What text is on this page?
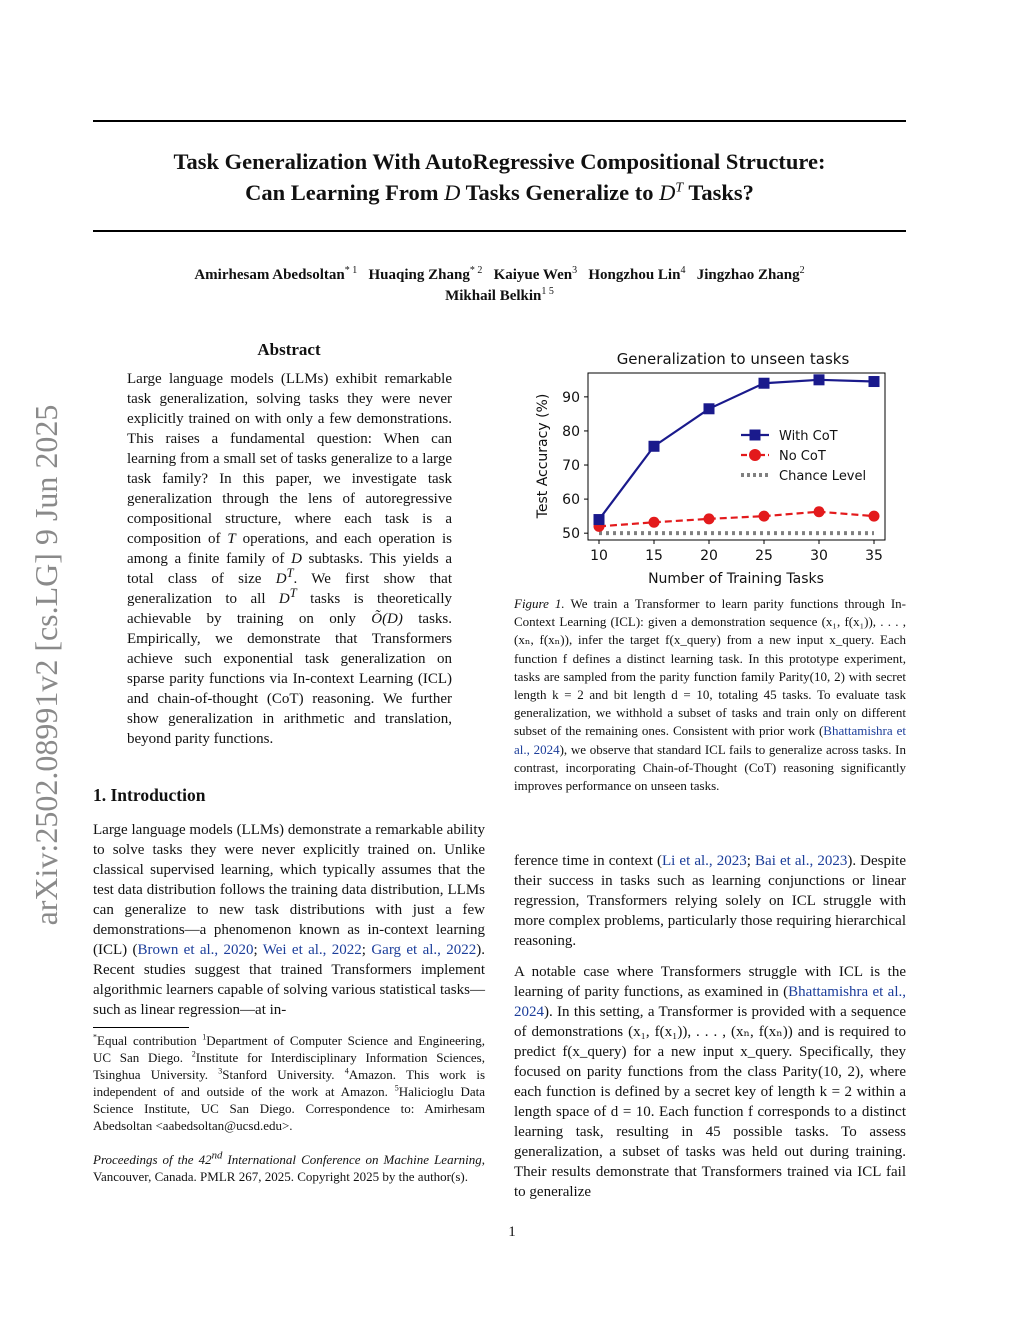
arXiv:2502.08991v2 [cs.LG] 9 Jun 2025
Task Generalization With AutoRegressive Compositional Structure:
Can Learning From D Tasks Generalize to $D^T$ Tasks?
Amirhesam Abedsoltan$^{* 1}$ Huaqing Zhang$^{* 2}$ Kaiyue Wen$^3$ Hongzhou Lin$^4$ Jingzhao Zhang$^2$
Mikhail Belkin$^{1 5}$
Abstract
Large language models (LLMs) exhibit remarkable task generalization, solving tasks they were never explicitly trained on with only a few demonstrations. This raises a fundamental question: When can learning from a small set of tasks generalize to a large task family? In this paper, we investigate task generalization through the lens of autoregressive compositional structure, where each task is a composition of T operations, and each operation is among a finite family of D subtasks. This yields a total class of size $D^T$. We first show that generalization to all $D^T$ tasks is theoretically achievable by training on only Õ(D) tasks. Empirically, we demonstrate that Transformers achieve such exponential task generalization on sparse parity functions via In-context Learning (ICL) and chain-of-thought (CoT) reasoning. We further show generalization in arithmetic and translation, beyond parity functions.
1. Introduction
Large language models (LLMs) demonstrate a remarkable ability to solve tasks they were never explicitly trained on. Unlike classical supervised learning, which typically assumes that the test data distribution follows the training data distribution, LLMs can generalize to new task distributions with just a few demonstrations—a phenomenon known as in-context learning (ICL) (Brown et al., 2020; Wei et al., 2022; Garg et al., 2022). Recent studies suggest that trained Transformers implement algorithmic learners capable of solving various statistical tasks—such as linear regression—at in-
*Equal contribution $^1$Department of Computer Science and Engineering, UC San Diego. $^2$Institute for Interdisciplinary Information Sciences, Tsinghua University. $^3$Stanford University. $^4$Amazon. This work is independent of and outside of the work at Amazon. $^5$Halicioglu Data Science Institute, UC San Diego. Correspondence to: Amirhesam Abedsoltan <aabedsoltan@ucsd.edu>.
Proceedings of the 42nd International Conference on Machine Learning, Vancouver, Canada. PMLR 267, 2025. Copyright 2025 by the author(s).
Generalization to unseen tasks
10	15	20	25	30	35
50
60
70
80
90
Number of Training Tasks
Test Accuracy (%)	With CoT
No CoT
Chance Level
Figure 1. We train a Transformer to learn parity functions through In-Context Learning (ICL): given a demonstration sequence (x₁, f(x₁)), . . . , (xₙ, f(xₙ)), infer the target f(x_query) from a new input x_query. Each function f defines a distinct learning task. In this prototype experiment, tasks are sampled from the parity function family Parity(10, 2) with secret length k = 2 and bit length d = 10, totaling 45 tasks. To evaluate task generalization, we withhold a subset of tasks and train only on different subset of the remaining ones. Consistent with prior work (Bhattamishra et al., 2024), we observe that standard ICL fails to generalize across tasks. In contrast, incorporating Chain-of-Thought (CoT) reasoning significantly improves performance on unseen tasks.
ference time in context (Li et al., 2023; Bai et al., 2023). Despite their success in tasks such as learning conjunctions or linear regression, Transformers relying solely on ICL struggle with more complex problems, particularly those requiring hierarchical reasoning.
A notable case where Transformers struggle with ICL is the learning of parity functions, as examined in (Bhattamishra et al., 2024). In this setting, a Transformer is provided with a sequence of demonstrations (x₁, f(x₁)), . . . , (xₙ, f(xₙ)) and is required to predict f(x_query) for a new input x_query. Specifically, they focused on parity functions from the class Parity(10, 2), where each function is defined by a secret key of length k = 2 within a length space of d = 10. Each function f corresponds to a distinct learning task, resulting in 45 possible tasks. To assess generalization, a subset of tasks was held out during training. Their results demonstrate that Transformers trained via ICL fail to generalize
1
